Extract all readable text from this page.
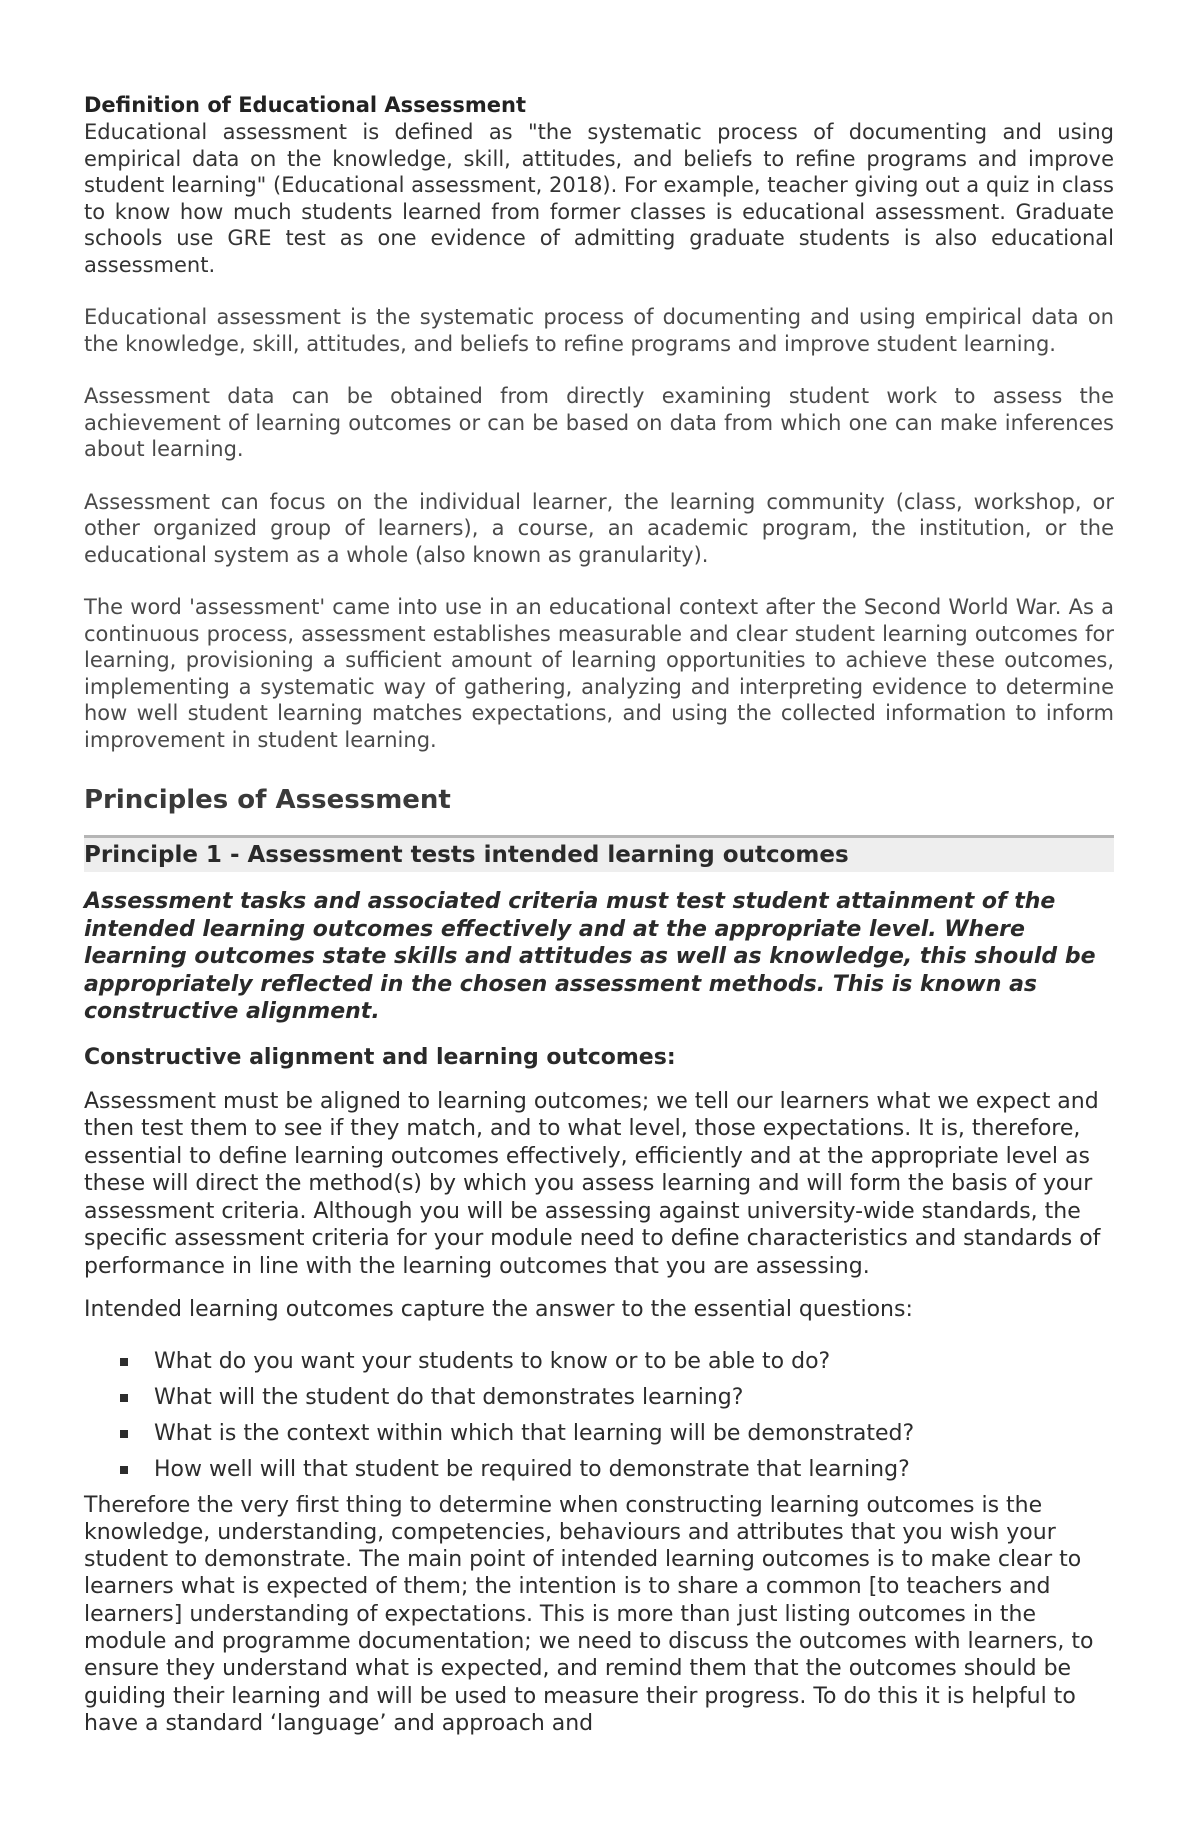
Definition of Educational Assessment

Educational assessment is defined as "the systematic process of documenting and using empirical data on the knowledge, skill, attitudes, and beliefs to refine programs and improve student learning" (Educational assessment, 2018). For example, teacher giving out a quiz in class to know how much students learned from former classes is educational assessment. Graduate schools use GRE test as one evidence of admitting graduate students is also educational assessment.

Educational assessment is the systematic process of documenting and using empirical data on the knowledge, skill, attitudes, and beliefs to refine programs and improve student learning.

Assessment data can be obtained from directly examining student work to assess the achievement of learning outcomes or can be based on data from which one can make inferences about learning.

Assessment can focus on the individual learner, the learning community (class, workshop, or other organized group of learners), a course, an academic program, the institution, or the educational system as a whole (also known as granularity).

The word 'assessment' came into use in an educational context after the Second World War. As a continuous process, assessment establishes measurable and clear student learning outcomes for learning, provisioning a sufficient amount of learning opportunities to achieve these outcomes, implementing a systematic way of gathering, analyzing and interpreting evidence to determine how well student learning matches expectations, and using the collected information to inform improvement in student learning.

Principles of Assessment
Principle 1 - Assessment tests intended learning outcomes
Assessment tasks and associated criteria must test student attainment of the intended learning outcomes effectively and at the appropriate level. Where learning outcomes state skills and attitudes as well as knowledge, this should be appropriately reflected in the chosen assessment methods. This is known as constructive alignment.
Constructive alignment and learning outcomes:
Assessment must be aligned to learning outcomes; we tell our learners what we expect and then test them to see if they match, and to what level, those expectations. It is, therefore, essential to define learning outcomes effectively, efficiently and at the appropriate level as these will direct the method(s) by which you assess learning and will form the basis of your assessment criteria. Although you will be assessing against university-wide standards, the specific assessment criteria for your module need to define characteristics and standards of performance in line with the learning outcomes that you are assessing.
Intended learning outcomes capture the answer to the essential questions:
What do you want your students to know or to be able to do?
What will the student do that demonstrates learning?
What is the context within which that learning will be demonstrated?
How well will that student be required to demonstrate that learning?
Therefore the very first thing to determine when constructing learning outcomes is the knowledge, understanding, competencies, behaviours and attributes that you wish your student to demonstrate. The main point of intended learning outcomes is to make clear to learners what is expected of them; the intention is to share a common [to teachers and learners] understanding of expectations. This is more than just listing outcomes in the module and programme documentation; we need to discuss the outcomes with learners, to ensure they understand what is expected, and remind them that the outcomes should be guiding their learning and will be used to measure their progress. To do this it is helpful to have a standard ‘language’ and approach and
